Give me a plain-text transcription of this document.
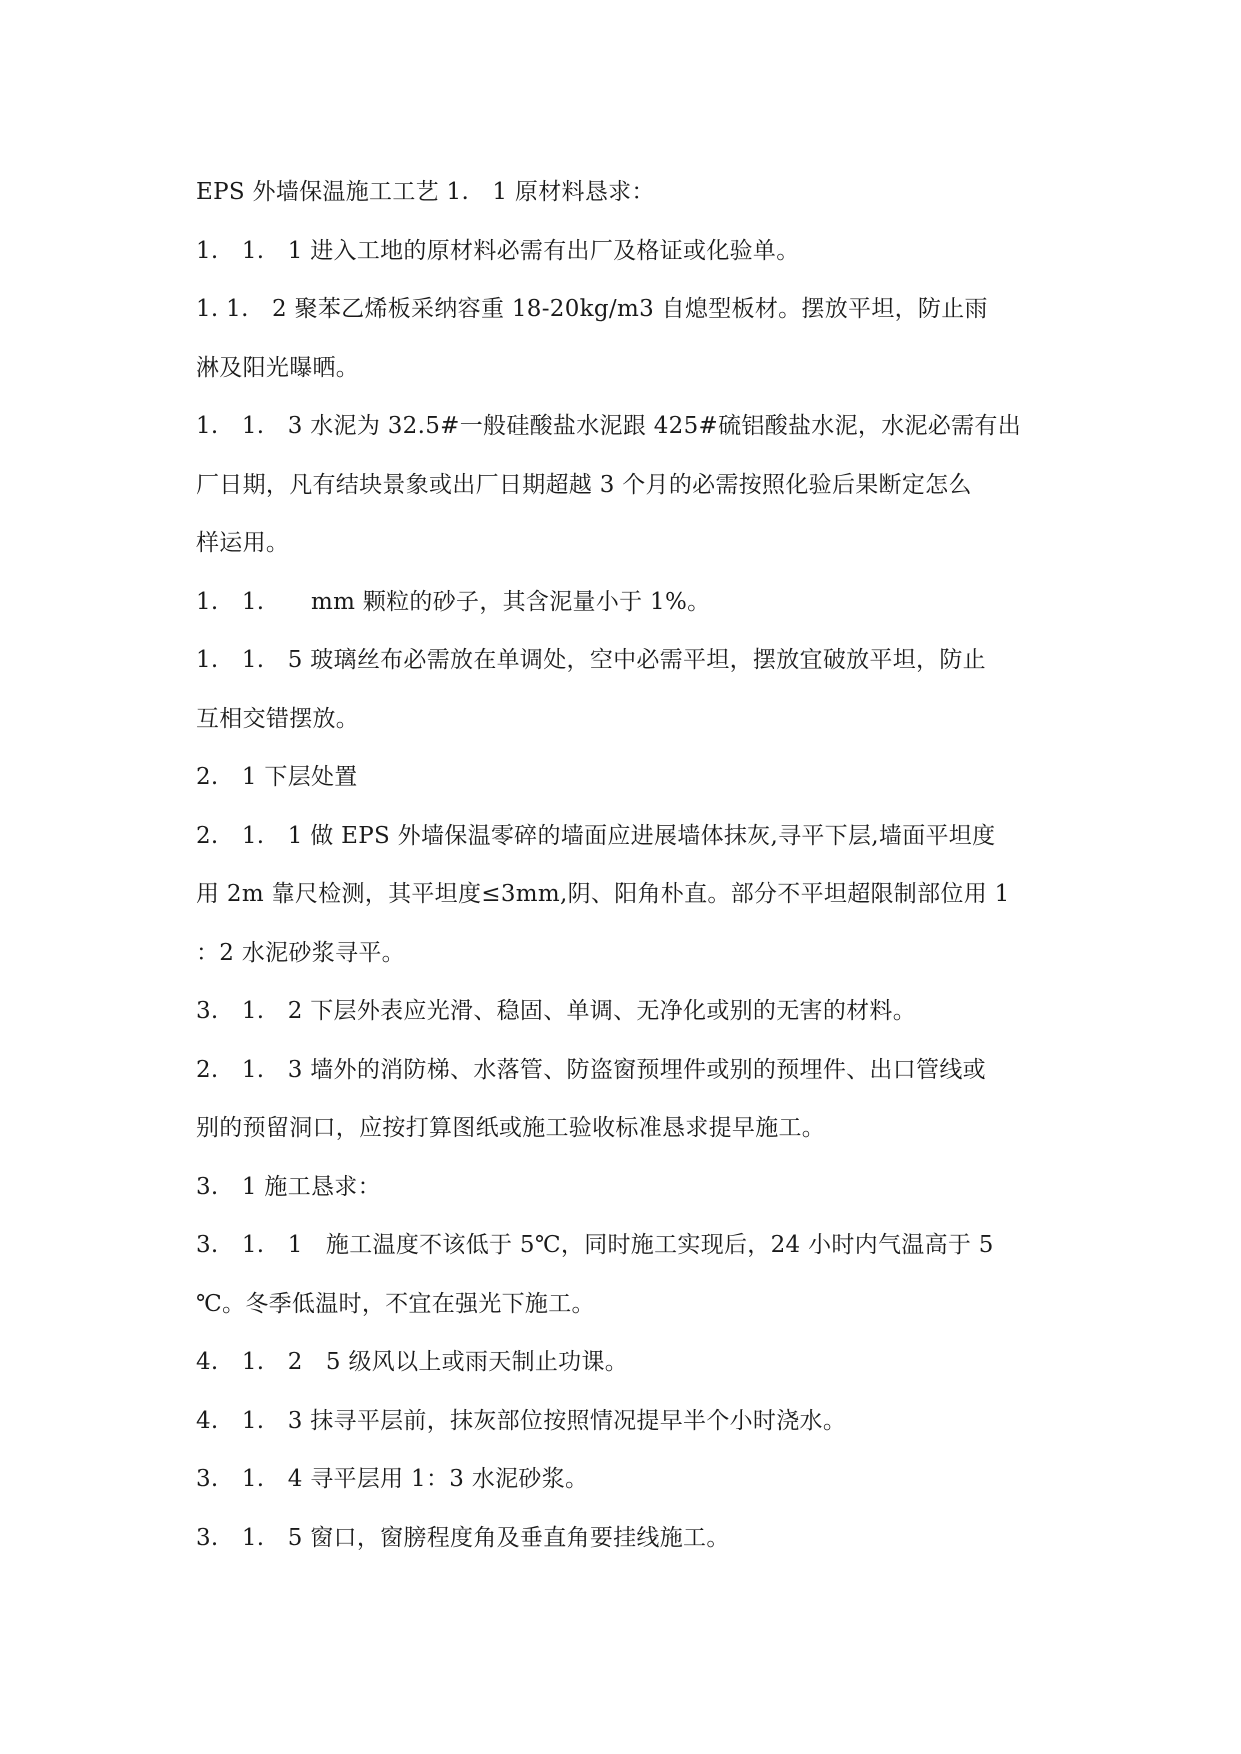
EPS 外墙保温施工工艺 1.　1 原材料恳求：
1.　1.　1 进入工地的原材料必需有出厂及格证或化验单。
1. 1.　2 聚苯乙烯板采纳容重 18-20kg/m3 自熄型板材。摆放平坦，防止雨
淋及阳光曝晒。
1.　1.　3 水泥为 32.5#一般硅酸盐水泥跟 425#硫铝酸盐水泥，水泥必需有出
厂日期，凡有结块景象或出厂日期超越 3 个月的必需按照化验后果断定怎么
样运用。
1.　1.　　mm 颗粒的砂子，其含泥量小于 1%。
1.　1.　5 玻璃丝布必需放在单调处，空中必需平坦，摆放宜破放平坦，防止
互相交错摆放。
2.　1 下层处置
2.　1.　1 做 EPS 外墙保温零碎的墙面应进展墙体抹灰,寻平下层,墙面平坦度
用 2m 靠尺检测，其平坦度≤3mm,阴、阳角朴直。部分不平坦超限制部位用 1
：2 水泥砂浆寻平。
3.　1.　2 下层外表应光滑、稳固、单调、无净化或别的无害的材料。
2.　1.　3 墙外的消防梯、水落管、防盗窗预埋件或别的预埋件、出口管线或
别的预留洞口，应按打算图纸或施工验收标准恳求提早施工。
3.　1 施工恳求：
3.　1.　1　施工温度不该低于 5℃，同时施工实现后，24 小时内气温高于 5
℃。冬季低温时，不宜在强光下施工。
4.　1.　2　5 级风以上或雨天制止功课。
4.　1.　3 抹寻平层前，抹灰部位按照情况提早半个小时浇水。
3.　1.　4 寻平层用 1：3 水泥砂浆。
3.　1.　5 窗口，窗膀程度角及垂直角要挂线施工。
